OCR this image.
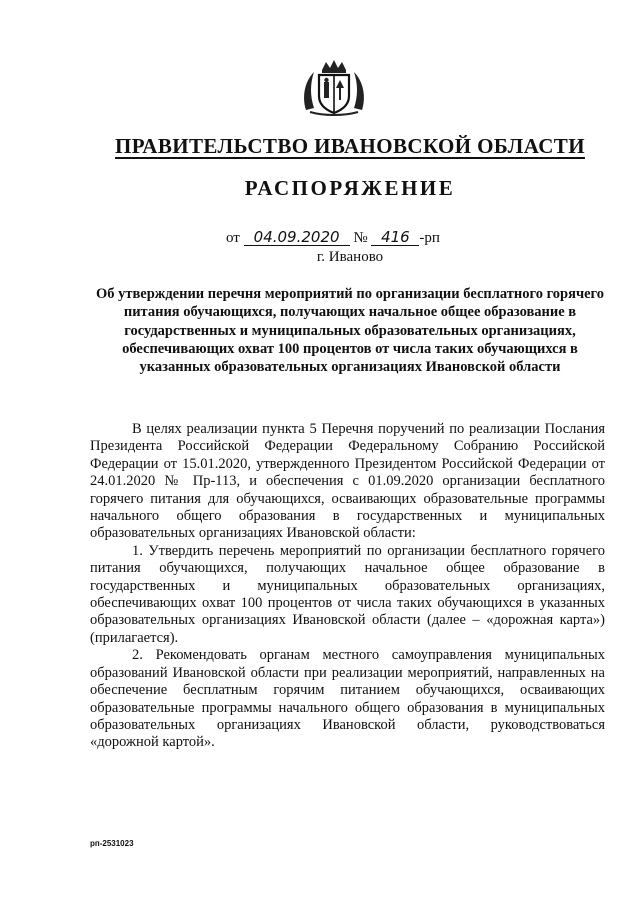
ПРАВИТЕЛЬСТВО ИВАНОВСКОЙ ОБЛАСТИ
РАСПОРЯЖЕНИЕ
от 04.09.2020 № 416 -рп
г. Иваново
Об утверждении перечня мероприятий по организации бесплатного горячего питания обучающихся, получающих начальное общее образование в государственных и муниципальных образовательных организациях, обеспечивающих охват 100 процентов от числа таких обучающихся в указанных образовательных организациях Ивановской области

В целях реализации пункта 5 Перечня поручений по реализации Послания Президента Российской Федерации Федеральному Собранию Российской Федерации от 15.01.2020, утвержденного Президентом Российской Федерации от 24.01.2020 № Пр-113, и обеспечения с 01.09.2020 организации бесплатного горячего питания для обучающихся, осваивающих образовательные программы начального общего образования в государственных и муниципальных образовательных организациях Ивановской области:

1. Утвердить перечень мероприятий по организации бесплатного горячего питания обучающихся, получающих начальное общее образование в государственных и муниципальных образовательных организациях, обеспечивающих охват 100 процентов от числа таких обучающихся в указанных образовательных организациях Ивановской области (далее – «дорожная карта») (прилагается).

2. Рекомендовать органам местного самоуправления муниципальных образований Ивановской области при реализации мероприятий, направленных на обеспечение бесплатным горячим питанием обучающихся, осваивающих образовательные программы начального общего образования в муниципальных образовательных организациях Ивановской области, руководствоваться «дорожной картой».

рп-2531023
